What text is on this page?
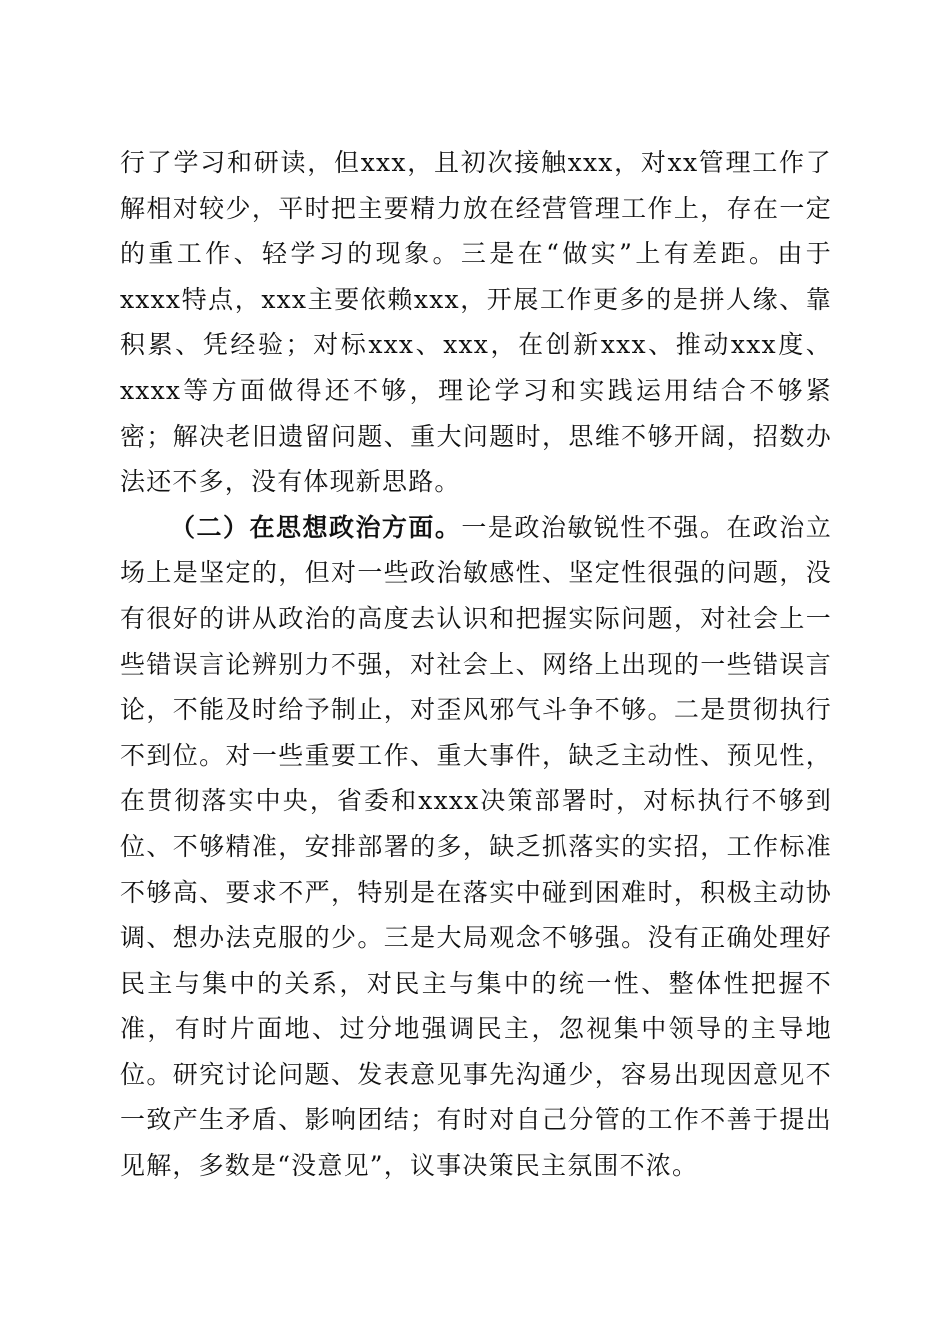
行了学习和研读，但xxx，且初次接触xxx，对xx管理工作了解相对较少，平时把主要精力放在经营管理工作上，存在一定的重工作、轻学习的现象。三是在“做实”上有差距。由于xxxx特点，xxx主要依赖xxx，开展工作更多的是拼人缘、靠积累、凭经验；对标xxx、xxx，在创新xxx、推动xxx度、xxxx等方面做得还不够，理论学习和实践运用结合不够紧密；解决老旧遗留问题、重大问题时，思维不够开阔，招数办法还不多，没有体现新思路。

（二）在思想政治方面。一是政治敏锐性不强。在政治立场上是坚定的，但对一些政治敏感性、坚定性很强的问题，没有很好的讲从政治的高度去认识和把握实际问题，对社会上一些错误言论辨别力不强，对社会上、网络上出现的一些错误言论，不能及时给予制止，对歪风邪气斗争不够。二是贯彻执行不到位。对一些重要工作、重大事件，缺乏主动性、预见性，在贯彻落实中央，省委和xxxx决策部署时，对标执行不够到位、不够精准，安排部署的多，缺乏抓落实的实招，工作标准不够高、要求不严，特别是在落实中碰到困难时，积极主动协调、想办法克服的少。三是大局观念不够强。没有正确处理好民主与集中的关系，对民主与集中的统一性、整体性把握不准，有时片面地、过分地强调民主，忽视集中领导的主导地位。研究讨论问题、发表意见事先沟通少，容易出现因意见不一致产生矛盾、影响团结；有时对自己分管的工作不善于提出见解，多数是“没意见”，议事决策民主氛围不浓。
